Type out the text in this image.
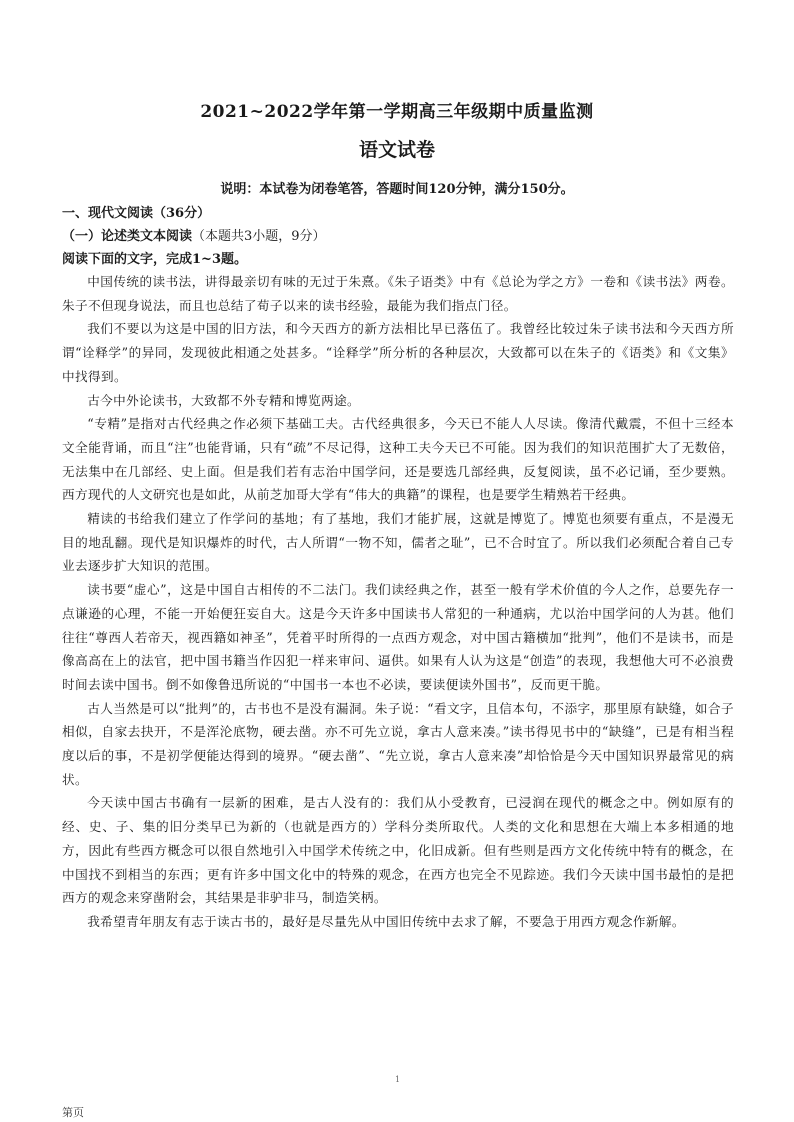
2021~2022学年第一学期高三年级期中质量监测
语文试卷
说明：本试卷为闭卷笔答，答题时间120分钟，满分150分。
一、现代文阅读（36分）
（一）论述类文本阅读（本题共3小题，9分）
阅读下面的文字，完成1~3题。

中国传统的读书法，讲得最亲切有味的无过于朱熹。《朱子语类》中有《总论为学之方》一卷和《读书法》两卷。朱子不但现身说法，而且也总结了荀子以来的读书经验，最能为我们指点门径。

我们不要以为这是中国的旧方法，和今天西方的新方法相比早已落伍了。我曾经比较过朱子读书法和今天西方所谓“诠释学”的异同，发现彼此相通之处甚多。“诠释学”所分析的各种层次，大致都可以在朱子的《语类》和《文集》中找得到。

古今中外论读书，大致都不外专精和博览两途。

“专精”是指对古代经典之作必须下基础工夫。古代经典很多，今天已不能人人尽读。像清代戴震，不但十三经本文全能背诵，而且“注”也能背诵，只有“疏”不尽记得，这种工夫今天已不可能。因为我们的知识范围扩大了无数倍，无法集中在几部经、史上面。但是我们若有志治中国学问，还是要选几部经典，反复阅读，虽不必记诵，至少要熟。西方现代的人文研究也是如此，从前芝加哥大学有“伟大的典籍”的课程，也是要学生精熟若干经典。

精读的书给我们建立了作学问的基地；有了基地，我们才能扩展，这就是博览了。博览也须要有重点，不是漫无目的地乱翻。现代是知识爆炸的时代，古人所谓“一物不知，儒者之耻”，已不合时宜了。所以我们必须配合着自己专业去逐步扩大知识的范围。

读书要“虚心”，这是中国自古相传的不二法门。我们读经典之作，甚至一般有学术价值的今人之作，总要先存一点谦逊的心理，不能一开始便狂妄自大。这是今天许多中国读书人常犯的一种通病，尤以治中国学问的人为甚。他们往往“尊西人若帝天，视西籍如神圣”，凭着平时所得的一点西方观念，对中国古籍横加“批判”，他们不是读书，而是像高高在上的法官，把中国书籍当作囚犯一样来审问、逼供。如果有人认为这是“创造”的表现，我想他大可不必浪费时间去读中国书。倒不如像鲁迅所说的“中国书一本也不必读，要读便读外国书”，反而更干脆。

古人当然是可以“批判”的，古书也不是没有漏洞。朱子说：“看文字，且信本句，不添字，那里原有缺缝，如合子相似，自家去抉开，不是浑沦底物，硬去凿。亦不可先立说，拿古人意来凑。”读书得见书中的“缺缝”，已是有相当程度以后的事，不是初学便能达得到的境界。“硬去凿”、“先立说，拿古人意来凑”却恰恰是今天中国知识界最常见的病状。

今天读中国古书确有一层新的困难，是古人没有的：我们从小受教育，已浸润在现代的概念之中。例如原有的经、史、子、集的旧分类早已为新的（也就是西方的）学科分类所取代。人类的文化和思想在大端上本多相通的地方，因此有些西方概念可以很自然地引入中国学术传统之中，化旧成新。但有些则是西方文化传统中特有的概念，在中国找不到相当的东西；更有许多中国文化中的特殊的观念，在西方也完全不见踪迹。我们今天读中国书最怕的是把西方的观念来穿凿附会，其结果是非驴非马，制造笑柄。

我希望青年朋友有志于读古书的，最好是尽量先从中国旧传统中去求了解，不要急于用西方观念作新解。

1
第页
